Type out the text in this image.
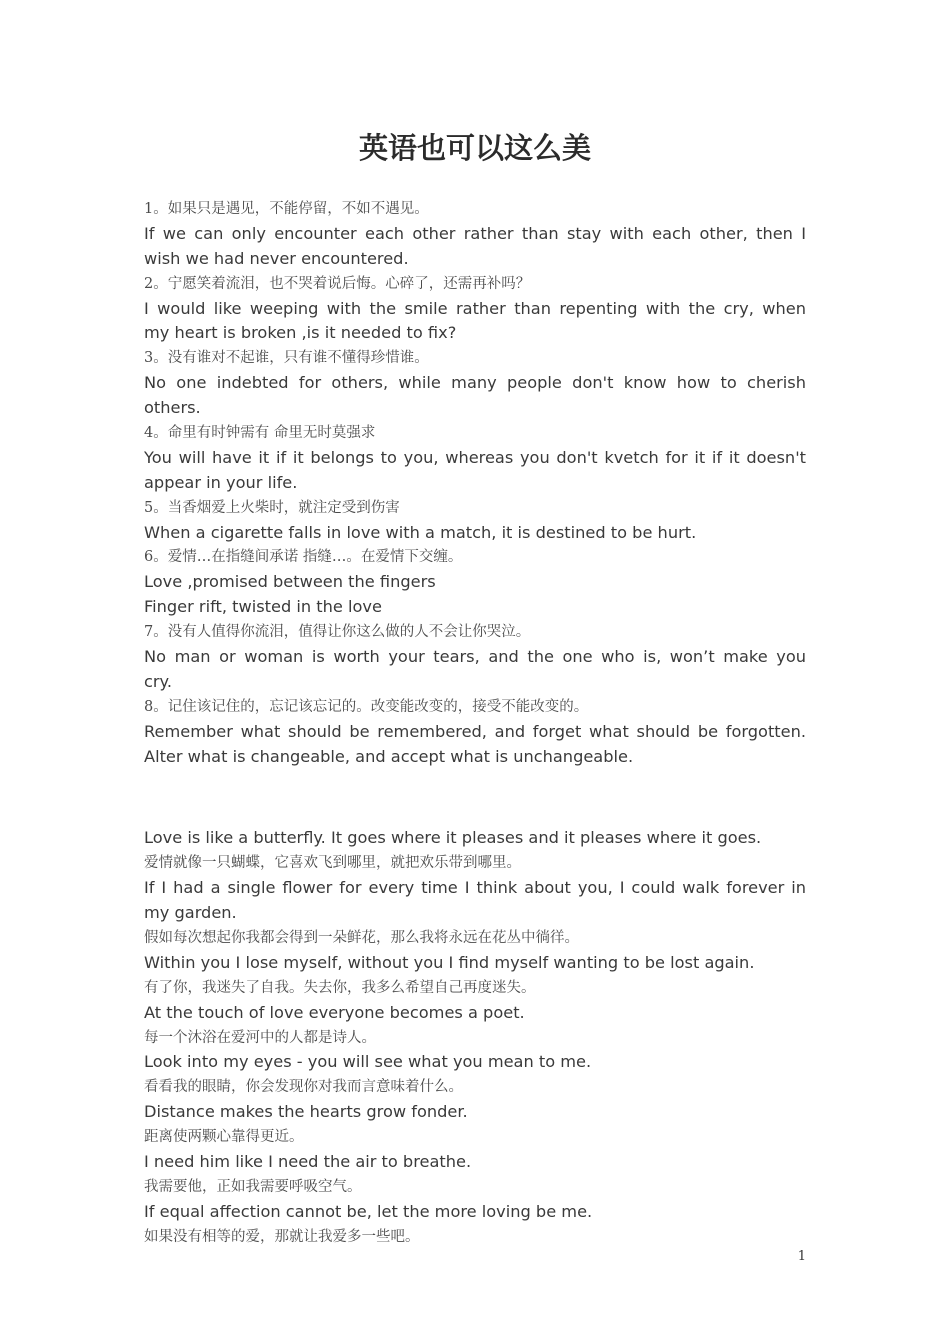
英语也可以这么美

1。如果只是遇见，不能停留，不如不遇见。

If we can only encounter each other rather than stay with each other, then I

wish we had never encountered.

2。宁愿笑着流泪，也不哭着说后悔。心碎了，还需再补吗？

I would like weeping with the smile rather than repenting with the cry, when

my heart is broken ,is it needed to fix?

3。没有谁对不起谁，只有谁不懂得珍惜谁。

No one indebted for others, while many people don't know how to cherish

others.

4。命里有时钟需有 命里无时莫强求

You will have it if it belongs to you, whereas you don't kvetch for it if it doesn't

appear in your life.

5。当香烟爱上火柴时，就注定受到伤害

When a cigarette falls in love with a match, it is destined to be hurt.

6。爱情…在指缝间承诺 指缝…。在爱情下交缠。

Love ,promised between the fingers

Finger rift, twisted in the love

7。没有人值得你流泪，值得让你这么做的人不会让你哭泣。

No man or woman is worth your tears, and the one who is, won’t make you

cry.

8。记住该记住的，忘记该忘记的。改变能改变的，接受不能改变的。

Remember what should be remembered, and forget what should be forgotten.

Alter what is changeable, and accept what is unchangeable.

Love is like a butterfly. It goes where it pleases and it pleases where it goes.

爱情就像一只蝴蝶，它喜欢飞到哪里，就把欢乐带到哪里。

If I had a single flower for every time I think about you, I could walk forever in

my garden.

假如每次想起你我都会得到一朵鲜花，那么我将永远在花丛中徜徉。

Within you I lose myself, without you I find myself wanting to be lost again.

有了你，我迷失了自我。失去你，我多么希望自己再度迷失。

At the touch of love everyone becomes a poet.

每一个沐浴在爱河中的人都是诗人。

Look into my eyes - you will see what you mean to me.

看看我的眼睛，你会发现你对我而言意味着什么。

Distance makes the hearts grow fonder.

距离使两颗心靠得更近。

I need him like I need the air to breathe.

我需要他，正如我需要呼吸空气。

If equal affection cannot be, let the more loving be me.

如果没有相等的爱，那就让我爱多一些吧。

1
